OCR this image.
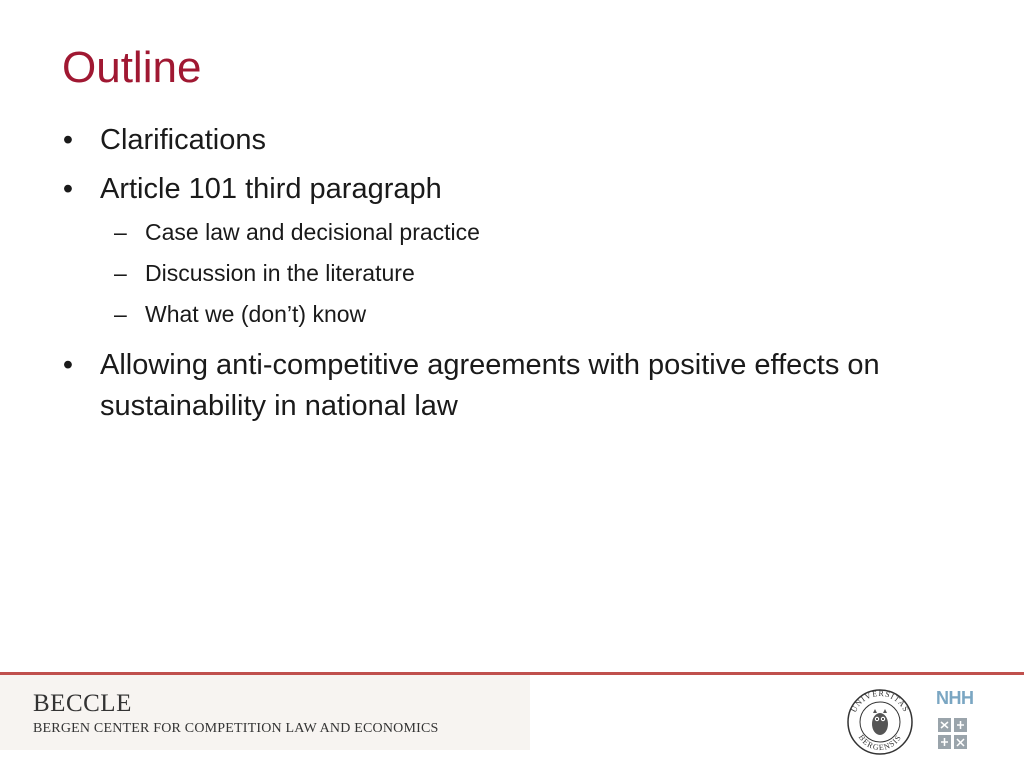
Outline
• Clarifications
• Article 101 third paragraph
– Case law and decisional practice
– Discussion in the literature
– What we (don’t) know
• Allowing anti-competitive agreements with positive effects on sustainability in national law
BECCLE
BERGEN CENTER FOR COMPETITION LAW AND ECONOMICS
UNIVERSITAS
BERGENSIS
NHH
